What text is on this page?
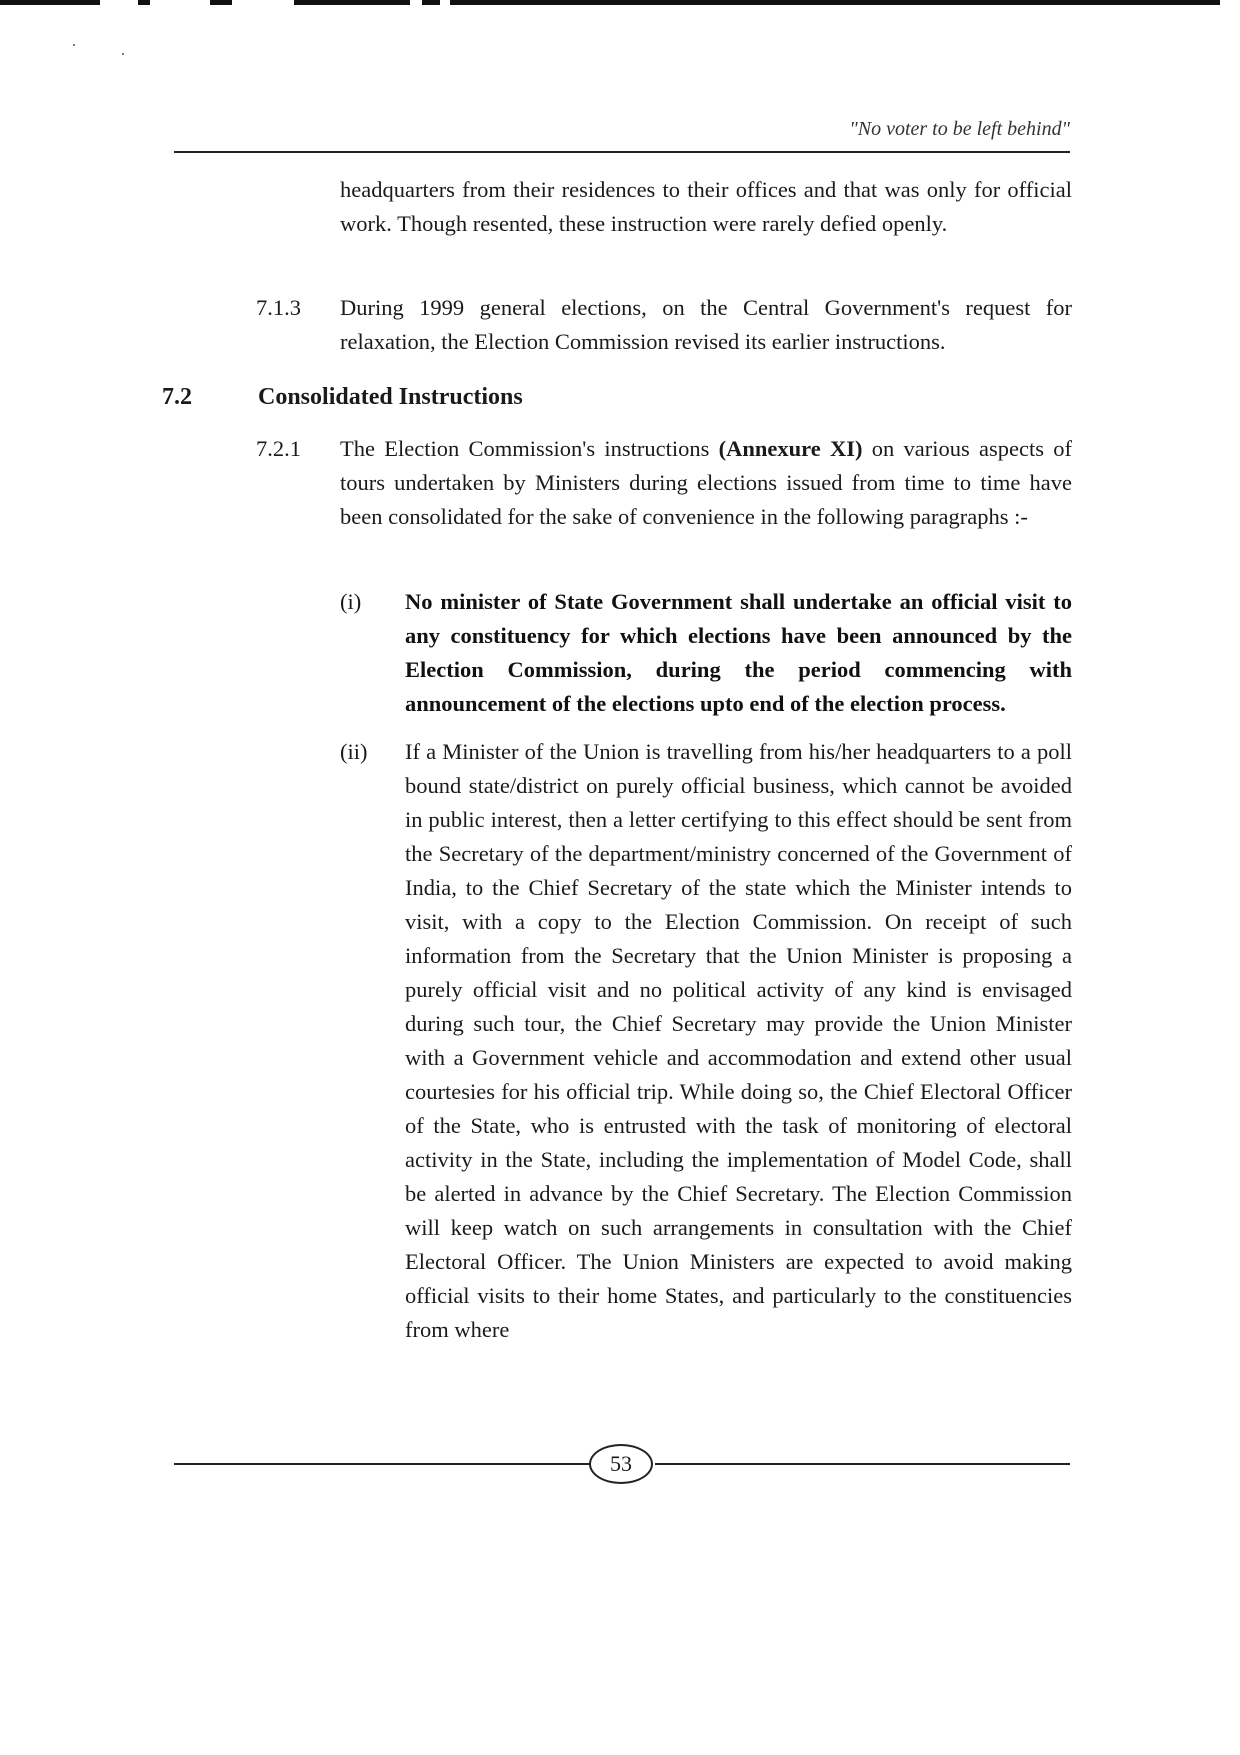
"No voter to be left behind"

headquarters from their residences to their offices and that was only for official work. Though resented, these instruction were rarely defied openly.

7.1.3 During 1999 general elections, on the Central Government's request for relaxation, the Election Commission revised its earlier instructions.

7.2	Consolidated Instructions
7.2.1 The Election Commission's instructions (Annexure XI) on various aspects of tours undertaken by Ministers during elections issued from time to time have been consolidated for the sake of convenience in the following paragraphs :-

(i) No minister of State Government shall undertake an official visit to any constituency for which elections have been announced by the Election Commission, during the period commencing with announcement of the elections upto end of the election process.

(ii) If a Minister of the Union is travelling from his/her headquarters to a poll bound state/district on purely official business, which cannot be avoided in public interest, then a letter certifying to this effect should be sent from the Secretary of the department/ministry concerned of the Government of India, to the Chief Secretary of the state which the Minister intends to visit, with a copy to the Election Commission. On receipt of such information from the Secretary that the Union Minister is proposing a purely official visit and no political activity of any kind is envisaged during such tour, the Chief Secretary may provide the Union Minister with a Government vehicle and accommodation and extend other usual courtesies for his official trip. While doing so, the Chief Electoral Officer of the State, who is entrusted with the task of monitoring of electoral activity in the State, including the implementation of Model Code, shall be alerted in advance by the Chief Secretary. The Election Commission will keep watch on such arrangements in consultation with the Chief Electoral Officer. The Union Ministers are expected to avoid making official visits to their home States, and particularly to the constituencies from where

53
